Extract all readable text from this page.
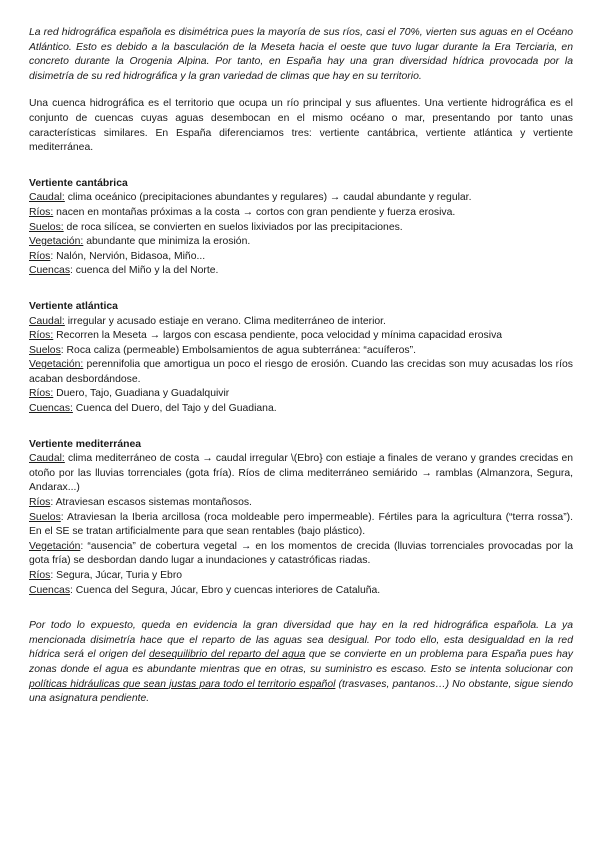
La red hidrográfica española es disimétrica pues la mayoría de sus ríos, casi el 70%, vierten sus aguas en el Océano Atlántico. Esto es debido a la basculación de la Meseta hacia el oeste que tuvo lugar durante la Era Terciaria, en concreto durante la Orogenia Alpina. Por tanto, en España hay una gran diversidad hídrica provocada por la disimetría de su red hidrográfica y la gran variedad de climas que hay en su territorio.

Una cuenca hidrográfica es el territorio que ocupa un río principal y sus afluentes. Una vertiente hidrográfica es el conjunto de cuencas cuyas aguas desembocan en el mismo océano o mar, presentando por tanto unas características similares. En España diferenciamos tres: vertiente cantábrica, vertiente atlántica y vertiente mediterránea.

Vertiente cantábrica

Caudal: clima oceánico (precipitaciones abundantes y regulares) → caudal abundante y regular.

Ríos: nacen en montañas próximas a la costa → cortos con gran pendiente y fuerza erosiva.

Suelos: de roca silícea, se convierten en suelos lixiviados por las precipitaciones.

Vegetación: abundante que minimiza la erosión.

Ríos: Nalón, Nervión, Bidasoa, Miño...

Cuencas: cuenca del Miño y la del Norte.

Vertiente atlántica

Caudal: irregular y acusado estiaje en verano. Clima mediterráneo de interior.

Ríos: Recorren la Meseta → largos con escasa pendiente, poca velocidad y mínima capacidad erosiva

Suelos: Roca caliza (permeable) Embolsamientos de agua subterránea: “acuíferos”.

Vegetación: perennifolia que amortigua un poco el riesgo de erosión. Cuando las crecidas son muy acusadas los ríos acaban desbordándose.

Ríos: Duero, Tajo, Guadiana y Guadalquivir

Cuencas: Cuenca del Duero, del Tajo y del Guadiana.

Vertiente mediterránea

Caudal: clima mediterráneo de costa → caudal irregular \(Ebro} con estiaje a finales de verano y grandes crecidas en otoño por las lluvias torrenciales (gota fría). Ríos de clima mediterráneo semiárido → ramblas (Almanzora, Segura, Andarax...)

Ríos: Atraviesan escasos sistemas montañosos.

Suelos: Atraviesan la Iberia arcillosa (roca moldeable pero impermeable). Fértiles para la agricultura (“terra rossa”). En el SE se tratan artificialmente para que sean rentables (bajo plástico).

Vegetación: “ausencia” de cobertura vegetal → en los momentos de crecida (lluvias torrenciales provocadas por la gota fría) se desbordan dando lugar a inundaciones y catastróficas riadas.

Ríos: Segura, Júcar, Turia y Ebro

Cuencas: Cuenca del Segura, Júcar, Ebro y cuencas interiores de Cataluña.

Por todo lo expuesto, queda en evidencia la gran diversidad que hay en la red hidrográfica española. La ya mencionada disimetría hace que el reparto de las aguas sea desigual. Por todo ello, esta desigualdad en la red hídrica será el origen del desequilibrio del reparto del agua que se convierte en un problema para España pues hay zonas donde el agua es abundante mientras que en otras, su suministro es escaso. Esto se intenta solucionar con políticas hidráulicas que sean justas para todo el territorio español (trasvases, pantanos…) No obstante, sigue siendo una asignatura pendiente.
